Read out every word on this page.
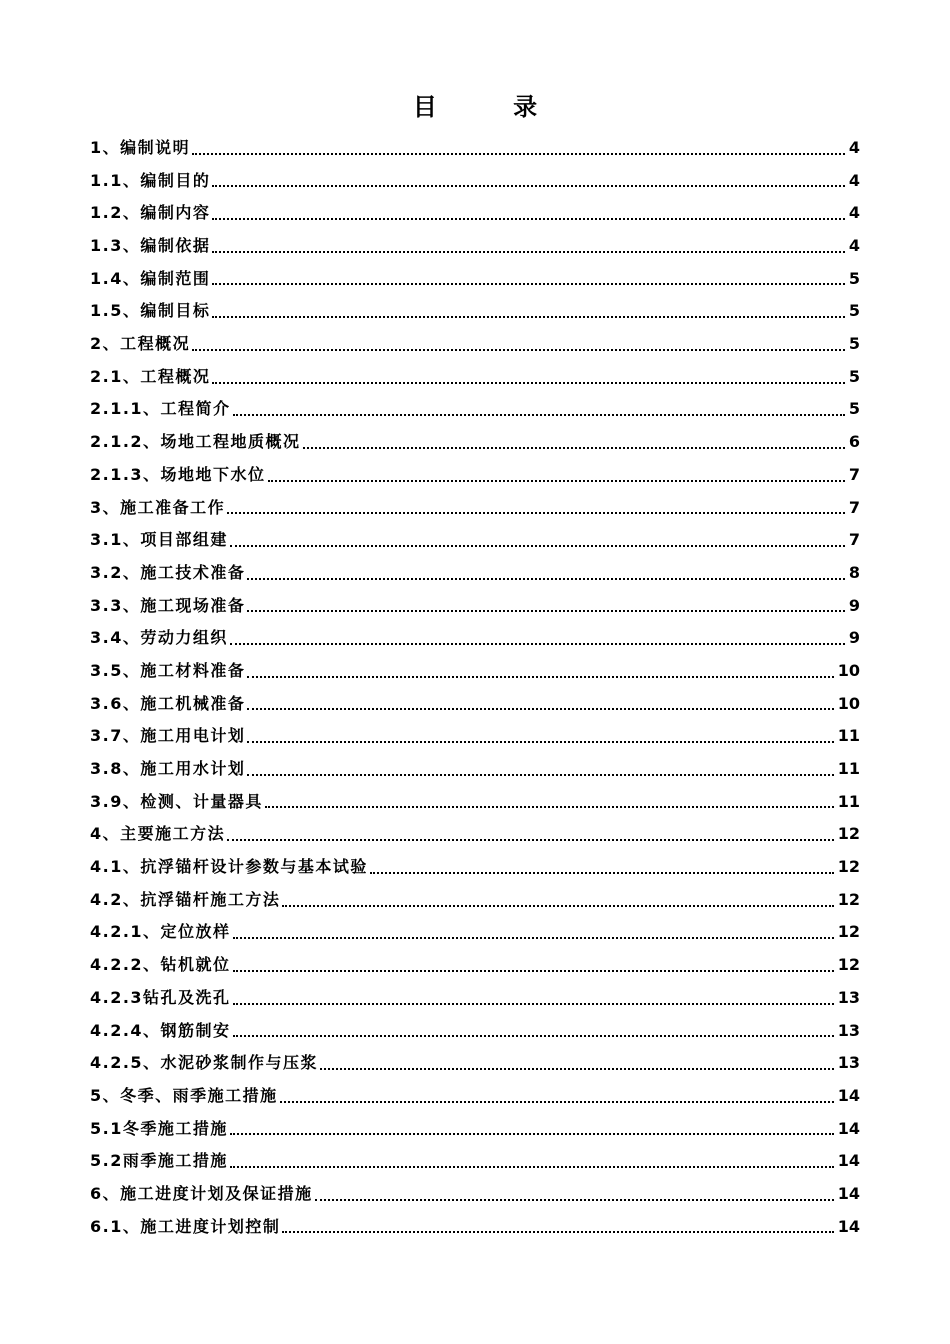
目 录
1、编制说明	4
1.1、编制目的	4
1.2、编制内容	4
1.3、编制依据	4
1.4、编制范围	5
1.5、编制目标	5
2、工程概况	5
2.1、工程概况	5
2.1.1、工程简介	5
2.1.2、场地工程地质概况	6
2.1.3、场地地下水位	7
3、施工准备工作	7
3.1、项目部组建	7
3.2、施工技术准备	8
3.3、施工现场准备	9
3.4、劳动力组织	9
3.5、施工材料准备	10
3.6、施工机械准备	10
3.7、施工用电计划	11
3.8、施工用水计划	11
3.9、检测、计量器具	11
4、主要施工方法	12
4.1、抗浮锚杆设计参数与基本试验	12
4.2、抗浮锚杆施工方法	12
4.2.1、定位放样	12
4.2.2、钻机就位	12
4.2.3钻孔及洗孔	13
4.2.4、钢筋制安	13
4.2.5、水泥砂浆制作与压浆	13
5、冬季、雨季施工措施	14
5.1冬季施工措施	14
5.2雨季施工措施	14
6、施工进度计划及保证措施	14
6.1、施工进度计划控制	14
